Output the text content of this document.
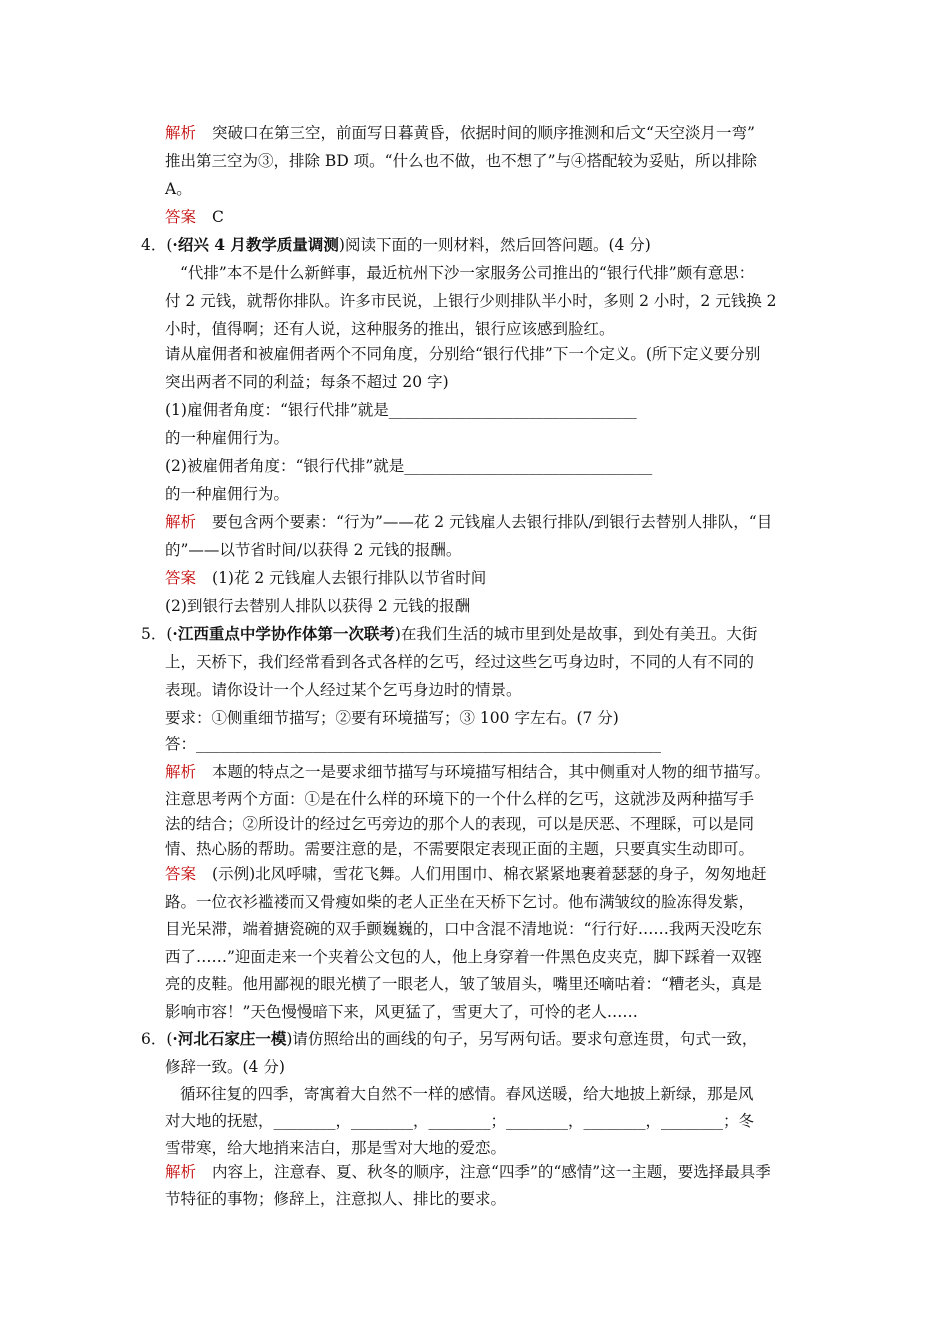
解析 突破口在第三空，前面写日暮黄昏，依据时间的顺序推测和后文“天空淡月一弯”
推出第三空为③，排除 BD 项。“什么也不做，也不想了”与④搭配较为妥贴，所以排除
A。
答案 C
4．(·绍兴 4 月教学质量调测)阅读下面的一则材料，然后回答问题。(4 分)
“代排”本不是什么新鲜事，最近杭州下沙一家服务公司推出的“银行代排”颇有意思：
付 2 元钱，就帮你排队。许多市民说，上银行少则排队半小时，多则 2 小时，2 元钱换 2
小时，值得啊；还有人说，这种服务的推出，银行应该感到脸红。
请从雇佣者和被雇佣者两个不同角度，分别给“银行代排”下一个定义。(所下定义要分别
突出两者不同的利益；每条不超过 20 字)
(1)雇佣者角度：“银行代排”就是________________________________
的一种雇佣行为。
(2)被雇佣者角度：“银行代排”就是________________________________
的一种雇佣行为。
解析 要包含两个要素：“行为”——花 2 元钱雇人去银行排队/到银行去替别人排队，“目
的”——以节省时间/以获得 2 元钱的报酬。
答案 (1)花 2 元钱雇人去银行排队以节省时间
(2)到银行去替别人排队以获得 2 元钱的报酬
5．(·江西重点中学协作体第一次联考)在我们生活的城市里到处是故事，到处有美丑。大街
上，天桥下，我们经常看到各式各样的乞丐，经过这些乞丐身边时，不同的人有不同的
表现。请你设计一个人经过某个乞丐身边时的情景。
要求：①侧重细节描写；②要有环境描写；③ 100 字左右。(7 分)
答：____________________________________________________________
解析 本题的特点之一是要求细节描写与环境描写相结合，其中侧重对人物的细节描写。
注意思考两个方面：①是在什么样的环境下的一个什么样的乞丐，这就涉及两种描写手
法的结合；②所设计的经过乞丐旁边的那个人的表现，可以是厌恶、不理睬，可以是同
情、热心肠的帮助。需要注意的是，不需要限定表现正面的主题，只要真实生动即可。
答案 (示例)北风呼啸，雪花飞舞。人们用围巾、棉衣紧紧地裹着瑟瑟的身子，匆匆地赶
路。一位衣衫褴褛而又骨瘦如柴的老人正坐在天桥下乞讨。他布满皱纹的脸冻得发紫，
目光呆滞，端着搪瓷碗的双手颤巍巍的，口中含混不清地说：“行行好……我两天没吃东
西了……”迎面走来一个夹着公文包的人，他上身穿着一件黑色皮夹克，脚下踩着一双铿
亮的皮鞋。他用鄙视的眼光横了一眼老人，皱了皱眉头，嘴里还嘀咕着：“糟老头，真是
影响市容！”天色慢慢暗下来，风更猛了，雪更大了，可怜的老人……
6．(·河北石家庄一模)请仿照给出的画线的句子，另写两句话。要求句意连贯，句式一致，
修辞一致。(4 分)
循环往复的四季，寄寓着大自然不一样的感情。春风送暖，给大地披上新绿，那是风
对大地的抚慰，________，________，________；________，________，________；冬
雪带寒，给大地捎来洁白，那是雪对大地的爱恋。
解析 内容上，注意春、夏、秋冬的顺序，注意“四季”的“感情”这一主题，要选择最具季
节特征的事物；修辞上，注意拟人、排比的要求。
